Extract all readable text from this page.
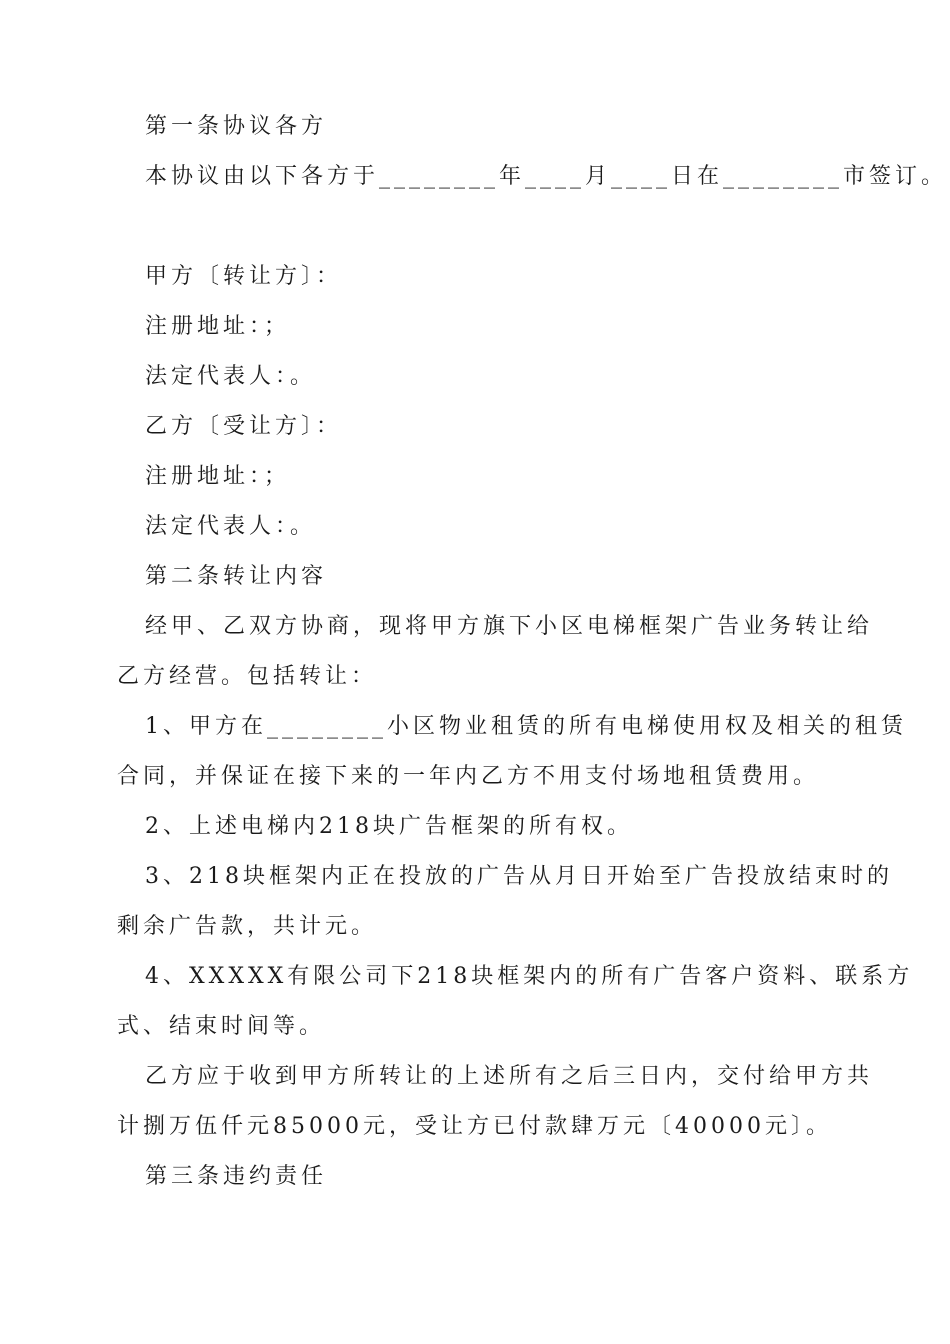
第一条协议各方
本协议由以下各方于________年____月____日在________市签订。
甲方〔转让方〕：
注册地址：；
法定代表人：。
乙方〔受让方〕：
注册地址：；
法定代表人：。
第二条转让内容
经甲、乙双方协商，现将甲方旗下小区电梯框架广告业务转让给
乙方经营。包括转让：
1、甲方在________小区物业租赁的所有电梯使用权及相关的租赁
合同，并保证在接下来的一年内乙方不用支付场地租赁费用。
2、上述电梯内218块广告框架的所有权。
3、218块框架内正在投放的广告从月日开始至广告投放结束时的
剩余广告款，共计元。
4、XXXXX有限公司下218块框架内的所有广告客户资料、联系方
式、结束时间等。
乙方应于收到甲方所转让的上述所有之后三日内，交付给甲方共
计捌万伍仟元85000元，受让方已付款肆万元〔40000元〕。
第三条违约责任
